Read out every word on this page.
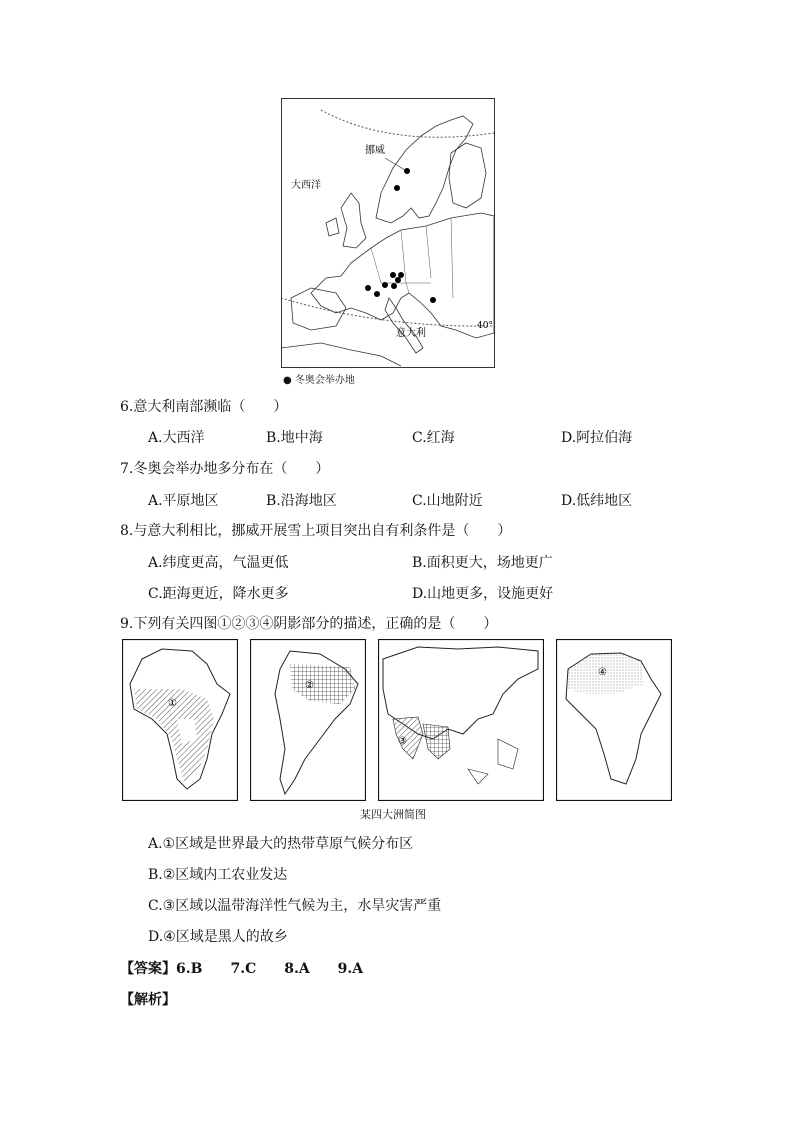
挪威
大西洋
意大利
40°
● 冬奥会举办地
6.意大利南部濒临（　　）
A.大西洋	B.地中海	C.红海	D.阿拉伯海
7.冬奥会举办地多分布在（　　）
A.平原地区	B.沿海地区	C.山地附近	D.低纬地区
8.与意大利相比，挪威开展雪上项目突出自有利条件是（　　）
A.纬度更高，气温更低	B.面积更大，场地更广
C.距海更近，降水更多	D.山地更多，设施更好
9.下列有关四图①②③④阴影部分的描述，正确的是（　　）
①
②
③
④
某四大洲简图
A.①区域是世界最大的热带草原气候分布区
B.②区域内工农业发达
C.③区域以温带海洋性气候为主，水旱灾害严重
D.④区域是黑人的故乡
【答案】6.B　　7.C　　8.A　　9.A
【解析】
